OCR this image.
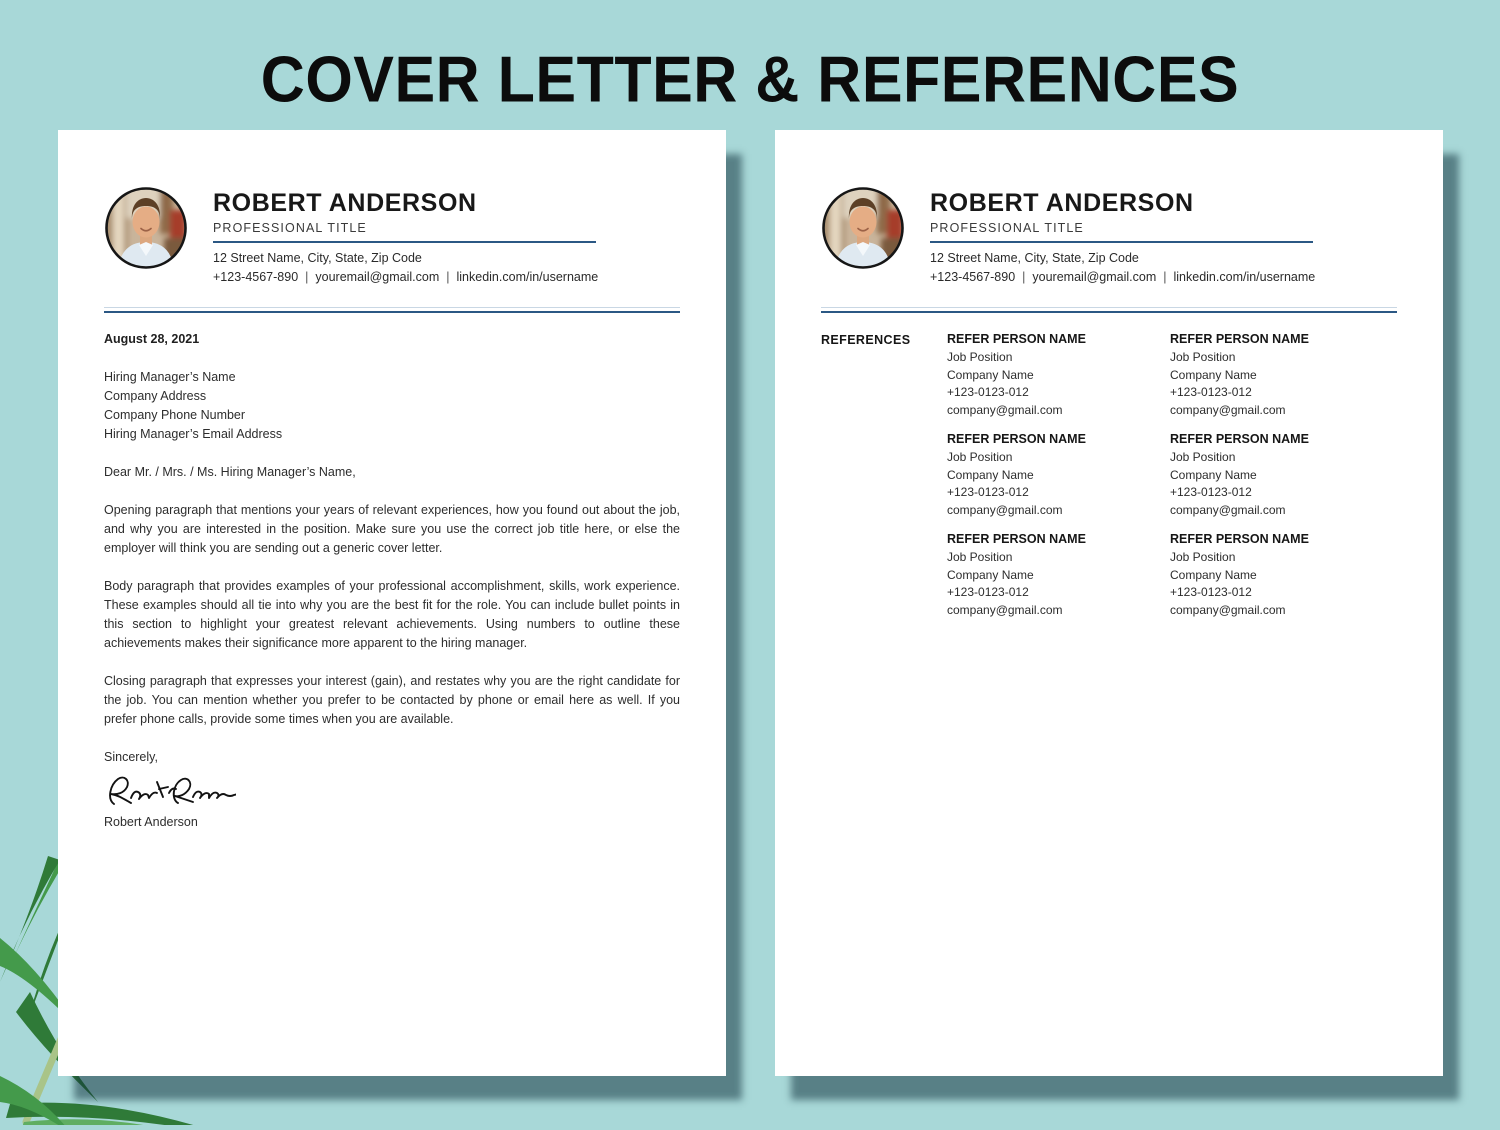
COVER LETTER & REFERENCES
ROBERT ANDERSON
PROFESSIONAL TITLE
12 Street Name, City, State, Zip Code
+123-4567-890 | youremail@gmail.com | linkedin.com/in/username

August 28, 2021

Hiring Manager’s Name
Company Address
Company Phone Number
Hiring Manager’s Email Address

Dear Mr. / Mrs. / Ms. Hiring Manager’s Name,

Opening paragraph that mentions your years of relevant experiences, how you found out about the job, and why you are interested in the position. Make sure you use the correct job title here, or else the employer will think you are sending out a generic cover letter.

Body paragraph that provides examples of your professional accomplishment, skills, work experience. These examples should all tie into why you are the best fit for the role. You can include bullet points in this section to highlight your greatest relevant achievements. Using numbers to outline these achievements makes their significance more apparent to the hiring manager.

Closing paragraph that expresses your interest (gain), and restates why you are the right candidate for the job. You can mention whether you prefer to be contacted by phone or email here as well. If you prefer phone calls, provide some times when you are available.

Sincerely,

Robert Anderson

ROBERT ANDERSON
PROFESSIONAL TITLE
12 Street Name, City, State, Zip Code
+123-4567-890 | youremail@gmail.com | linkedin.com/in/username
REFERENCES	REFER PERSON NAME
Job Position
Company Name
+123-0123-012
company@gmail.com
REFER PERSON NAME
Job Position
Company Name
+123-0123-012
company@gmail.com
REFER PERSON NAME
Job Position
Company Name
+123-0123-012
company@gmail.com
REFER PERSON NAME
Job Position
Company Name
+123-0123-012
company@gmail.com
REFER PERSON NAME
Job Position
Company Name
+123-0123-012
company@gmail.com
REFER PERSON NAME
Job Position
Company Name
+123-0123-012
company@gmail.com
